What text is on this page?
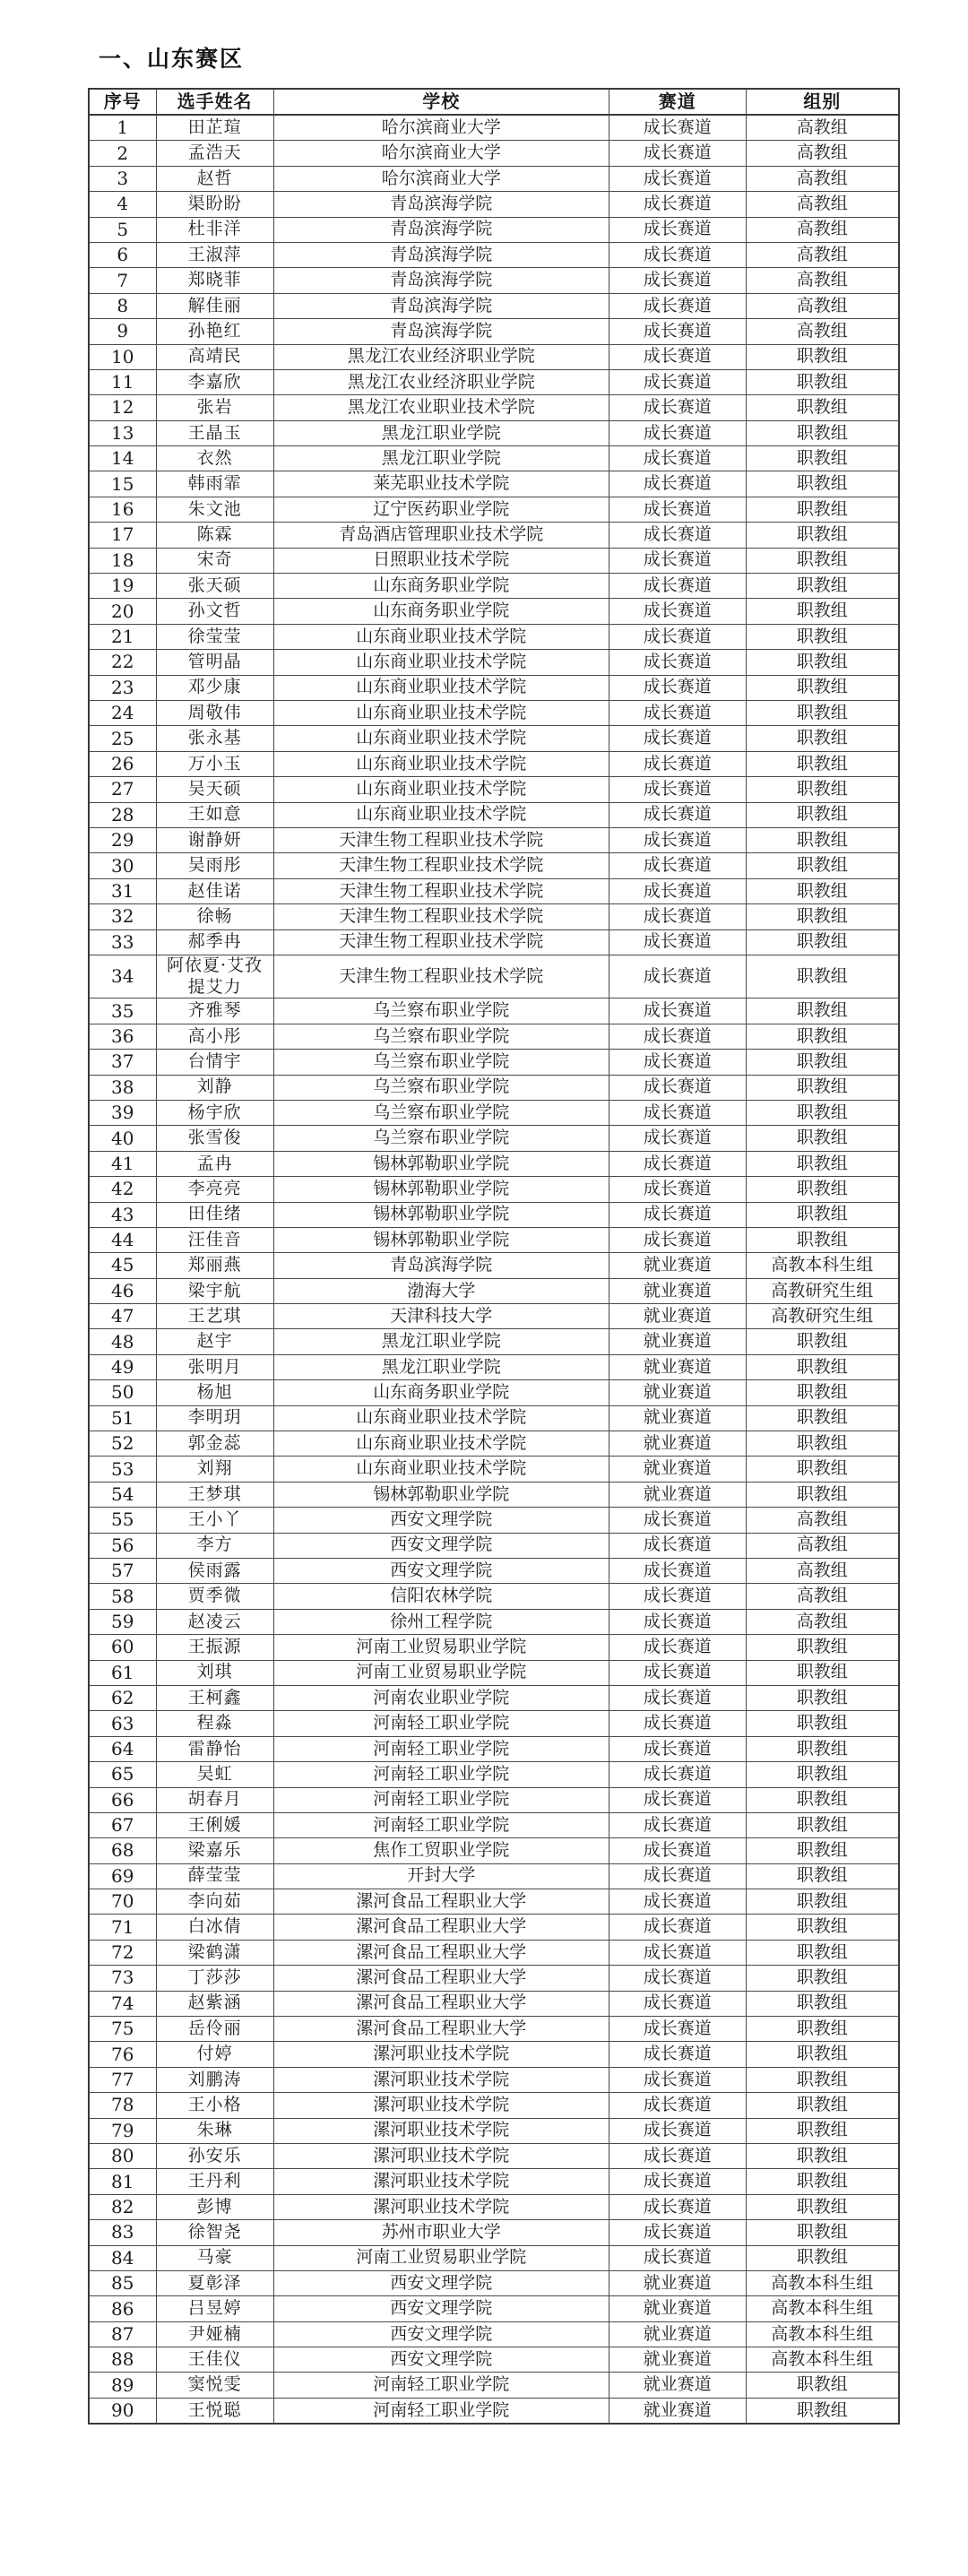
一、山东赛区
序号	选手姓名	学校	赛道	组别
1	田芷瑄	哈尔滨商业大学	成长赛道	高教组
2	孟浩天	哈尔滨商业大学	成长赛道	高教组
3	赵哲	哈尔滨商业大学	成长赛道	高教组
4	渠盼盼	青岛滨海学院	成长赛道	高教组
5	杜非洋	青岛滨海学院	成长赛道	高教组
6	王淑萍	青岛滨海学院	成长赛道	高教组
7	郑晓菲	青岛滨海学院	成长赛道	高教组
8	解佳丽	青岛滨海学院	成长赛道	高教组
9	孙艳红	青岛滨海学院	成长赛道	高教组
10	高靖民	黑龙江农业经济职业学院	成长赛道	职教组
11	李嘉欣	黑龙江农业经济职业学院	成长赛道	职教组
12	张岩	黑龙江农业职业技术学院	成长赛道	职教组
13	王晶玉	黑龙江职业学院	成长赛道	职教组
14	衣然	黑龙江职业学院	成长赛道	职教组
15	韩雨霏	莱芜职业技术学院	成长赛道	职教组
16	朱文池	辽宁医药职业学院	成长赛道	职教组
17	陈霖	青岛酒店管理职业技术学院	成长赛道	职教组
18	宋奇	日照职业技术学院	成长赛道	职教组
19	张天硕	山东商务职业学院	成长赛道	职教组
20	孙文哲	山东商务职业学院	成长赛道	职教组
21	徐莹莹	山东商业职业技术学院	成长赛道	职教组
22	管明晶	山东商业职业技术学院	成长赛道	职教组
23	邓少康	山东商业职业技术学院	成长赛道	职教组
24	周敬伟	山东商业职业技术学院	成长赛道	职教组
25	张永基	山东商业职业技术学院	成长赛道	职教组
26	万小玉	山东商业职业技术学院	成长赛道	职教组
27	吴天硕	山东商业职业技术学院	成长赛道	职教组
28	王如意	山东商业职业技术学院	成长赛道	职教组
29	谢静妍	天津生物工程职业技术学院	成长赛道	职教组
30	吴雨彤	天津生物工程职业技术学院	成长赛道	职教组
31	赵佳诺	天津生物工程职业技术学院	成长赛道	职教组
32	徐畅	天津生物工程职业技术学院	成长赛道	职教组
33	郝季冉	天津生物工程职业技术学院	成长赛道	职教组
34	阿依夏·艾孜提艾力	天津生物工程职业技术学院	成长赛道	职教组
35	齐雅琴	乌兰察布职业学院	成长赛道	职教组
36	高小彤	乌兰察布职业学院	成长赛道	职教组
37	台情宇	乌兰察布职业学院	成长赛道	职教组
38	刘静	乌兰察布职业学院	成长赛道	职教组
39	杨宇欣	乌兰察布职业学院	成长赛道	职教组
40	张雪俊	乌兰察布职业学院	成长赛道	职教组
41	孟冉	锡林郭勒职业学院	成长赛道	职教组
42	李亮亮	锡林郭勒职业学院	成长赛道	职教组
43	田佳绪	锡林郭勒职业学院	成长赛道	职教组
44	汪佳音	锡林郭勒职业学院	成长赛道	职教组
45	郑丽燕	青岛滨海学院	就业赛道	高教本科生组
46	梁宇航	渤海大学	就业赛道	高教研究生组
47	王艺琪	天津科技大学	就业赛道	高教研究生组
48	赵宇	黑龙江职业学院	就业赛道	职教组
49	张明月	黑龙江职业学院	就业赛道	职教组
50	杨旭	山东商务职业学院	就业赛道	职教组
51	李明玥	山东商业职业技术学院	就业赛道	职教组
52	郭金蕊	山东商业职业技术学院	就业赛道	职教组
53	刘翔	山东商业职业技术学院	就业赛道	职教组
54	王梦琪	锡林郭勒职业学院	就业赛道	职教组
55	王小丫	西安文理学院	成长赛道	高教组
56	李方	西安文理学院	成长赛道	高教组
57	侯雨露	西安文理学院	成长赛道	高教组
58	贾季微	信阳农林学院	成长赛道	高教组
59	赵凌云	徐州工程学院	成长赛道	高教组
60	王振源	河南工业贸易职业学院	成长赛道	职教组
61	刘琪	河南工业贸易职业学院	成长赛道	职教组
62	王柯鑫	河南农业职业学院	成长赛道	职教组
63	程淼	河南轻工职业学院	成长赛道	职教组
64	雷静怡	河南轻工职业学院	成长赛道	职教组
65	吴虹	河南轻工职业学院	成长赛道	职教组
66	胡春月	河南轻工职业学院	成长赛道	职教组
67	王俐媛	河南轻工职业学院	成长赛道	职教组
68	梁嘉乐	焦作工贸职业学院	成长赛道	职教组
69	薛莹莹	开封大学	成长赛道	职教组
70	李向茹	漯河食品工程职业大学	成长赛道	职教组
71	白冰倩	漯河食品工程职业大学	成长赛道	职教组
72	梁鹤潇	漯河食品工程职业大学	成长赛道	职教组
73	丁莎莎	漯河食品工程职业大学	成长赛道	职教组
74	赵紫涵	漯河食品工程职业大学	成长赛道	职教组
75	岳伶丽	漯河食品工程职业大学	成长赛道	职教组
76	付婷	漯河职业技术学院	成长赛道	职教组
77	刘鹏涛	漯河职业技术学院	成长赛道	职教组
78	王小格	漯河职业技术学院	成长赛道	职教组
79	朱琳	漯河职业技术学院	成长赛道	职教组
80	孙安乐	漯河职业技术学院	成长赛道	职教组
81	王丹利	漯河职业技术学院	成长赛道	职教组
82	彭博	漯河职业技术学院	成长赛道	职教组
83	徐智尧	苏州市职业大学	成长赛道	职教组
84	马豪	河南工业贸易职业学院	成长赛道	职教组
85	夏彰泽	西安文理学院	就业赛道	高教本科生组
86	吕昱婷	西安文理学院	就业赛道	高教本科生组
87	尹娅楠	西安文理学院	就业赛道	高教本科生组
88	王佳仪	西安文理学院	就业赛道	高教本科生组
89	窦悦雯	河南轻工职业学院	就业赛道	职教组
90	王悦聪	河南轻工职业学院	就业赛道	职教组
